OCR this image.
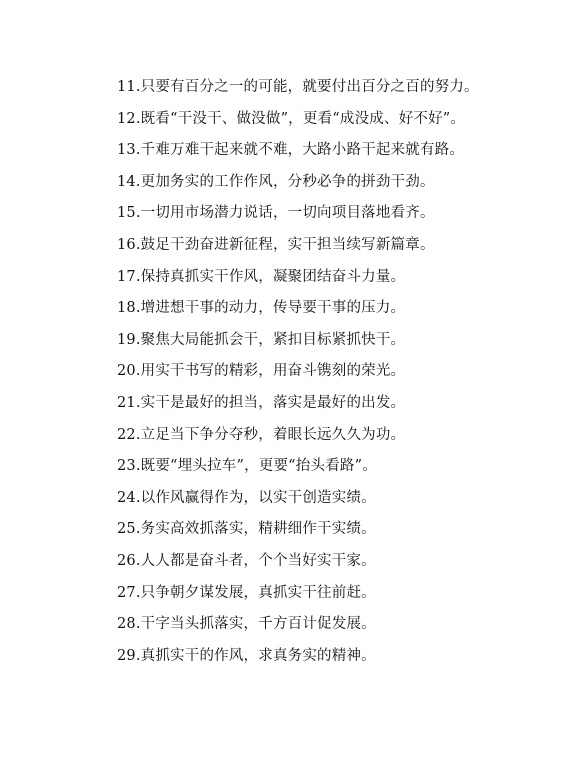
11.只要有百分之一的可能，就要付出百分之百的努力。
12.既看“干没干、做没做”，更看“成没成、好不好”。
13.千难万难干起来就不难，大路小路干起来就有路。
14.更加务实的工作作风，分秒必争的拼劲干劲。
15.一切用市场潜力说话，一切向项目落地看齐。
16.鼓足干劲奋进新征程，实干担当续写新篇章。
17.保持真抓实干作风，凝聚团结奋斗力量。
18.增进想干事的动力，传导要干事的压力。
19.聚焦大局能抓会干，紧扣目标紧抓快干。
20.用实干书写的精彩，用奋斗镌刻的荣光。
21.实干是最好的担当，落实是最好的出发。
22.立足当下争分夺秒，着眼长远久久为功。
23.既要“埋头拉车”，更要“抬头看路”。
24.以作风赢得作为，以实干创造实绩。
25.务实高效抓落实，精耕细作干实绩。
26.人人都是奋斗者，个个当好实干家。
27.只争朝夕谋发展，真抓实干往前赶。
28.干字当头抓落实，千方百计促发展。
29.真抓实干的作风，求真务实的精神。
